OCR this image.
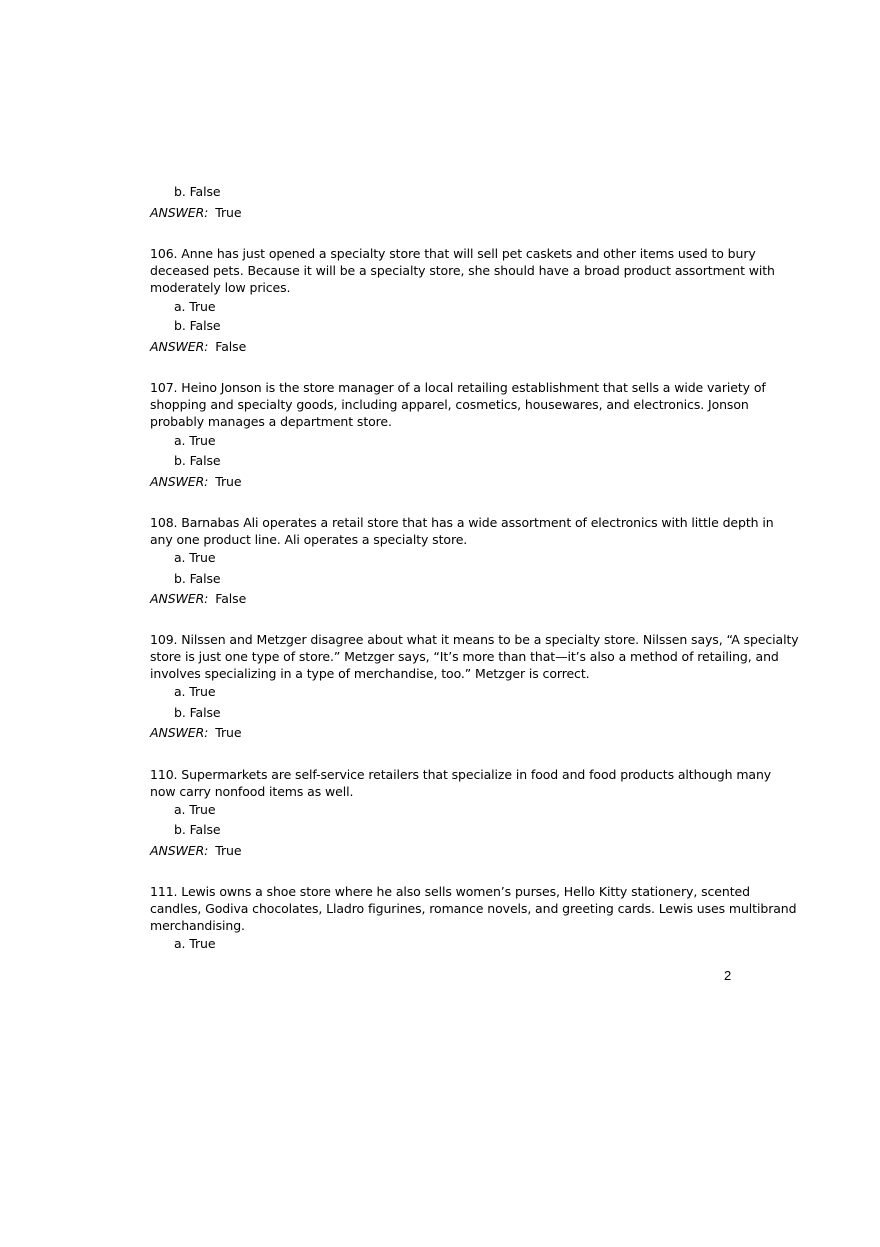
b. False
ANSWER: True
106. Anne has just opened a specialty store that will sell pet caskets and other items used to bury
deceased pets. Because it will be a specialty store, she should have a broad product assortment with
moderately low prices.
a. True
b. False
ANSWER: False
107. Heino Jonson is the store manager of a local retailing establishment that sells a wide variety of
shopping and specialty goods, including apparel, cosmetics, housewares, and electronics. Jonson
probably manages a department store.
a. True
b. False
ANSWER: True
108. Barnabas Ali operates a retail store that has a wide assortment of electronics with little depth in
any one product line. Ali operates a specialty store.
a. True
b. False
ANSWER: False
109. Nilssen and Metzger disagree about what it means to be a specialty store. Nilssen says, “A specialty
store is just one type of store.” Metzger says, “It’s more than that—it’s also a method of retailing, and
involves specializing in a type of merchandise, too.” Metzger is correct.
a. True
b. False
ANSWER: True
110. Supermarkets are self-service retailers that specialize in food and food products although many
now carry nonfood items as well.
a. True
b. False
ANSWER: True
111. Lewis owns a shoe store where he also sells women’s purses, Hello Kitty stationery, scented
candles, Godiva chocolates, Lladro figurines, romance novels, and greeting cards. Lewis uses multibrand
merchandising.
a. True
2
